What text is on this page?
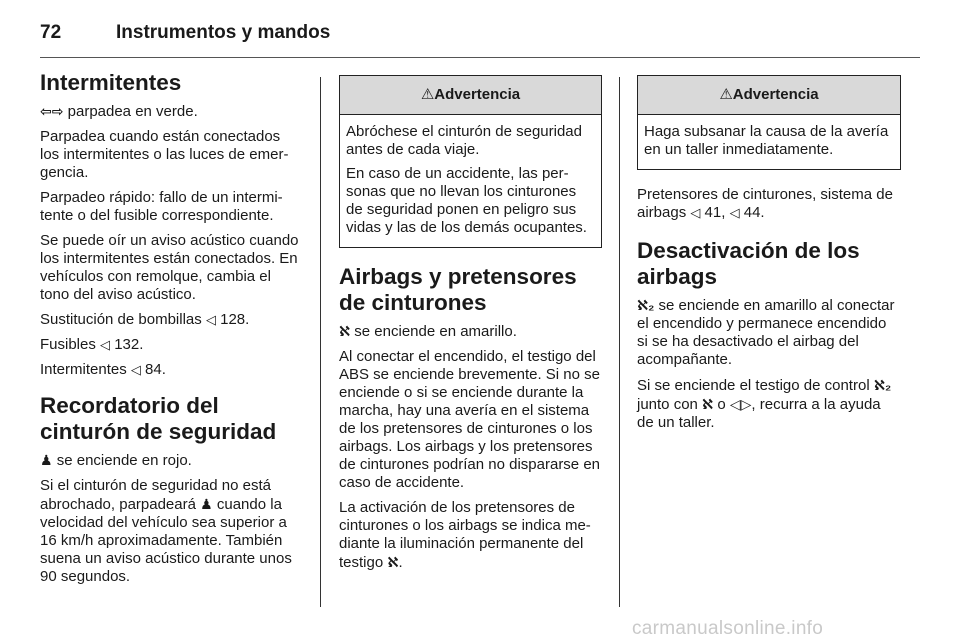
72	Instrumentos y mandos
Intermitentes

⇦⇨ parpadea en verde.

Parpadea cuando están conectados los intermitentes o las luces de emergencia.

Parpadeo rápido: fallo de un intermitente o del fusible correspondiente.

Se puede oír un aviso acústico cuando los intermitentes están conectados. En vehículos con remolque, cambia el tono del aviso acústico.

Sustitución de bombillas ◁ 128.

Fusibles ◁ 132.

Intermitentes ◁ 84.

Recordatorio del cinturón de seguridad

♟ se enciende en rojo.

Si el cinturón de seguridad no está abrochado, parpadeará ♟ cuando la velocidad del vehículo sea superior a 16 km/h aproximadamente. También suena un aviso acústico durante unos 90 segundos.

⚠Advertencia

Abróchese el cinturón de seguridad antes de cada viaje.

En caso de un accidente, las personas que no llevan los cinturones de seguridad ponen en peligro sus vidas y las de los demás ocupantes.

Airbags y pretensores de cinturones

ℵ se enciende en amarillo.

Al conectar el encendido, el testigo del ABS se enciende brevemente. Si no se enciende o si se enciende durante la marcha, hay una avería en el sistema de los pretensores de cinturones o los airbags. Los airbags y los pretensores de cinturones podrían no dispararse en caso de accidente.

La activación de los pretensores de cinturones o los airbags se indica mediante la iluminación permanente del testigo ℵ.

⚠Advertencia

Haga subsanar la causa de la avería en un taller inmediatamente.

Pretensores de cinturones, sistema de airbags ◁ 41, ◁ 44.

Desactivación de los airbags

ℵ₂ se enciende en amarillo al conectar el encendido y permanece encendido si se ha desactivado el airbag del acompañante.

Si se enciende el testigo de control ℵ₂ junto con ℵ o ◁▷, recurra a la ayuda de un taller.

carmanualsonline.info
